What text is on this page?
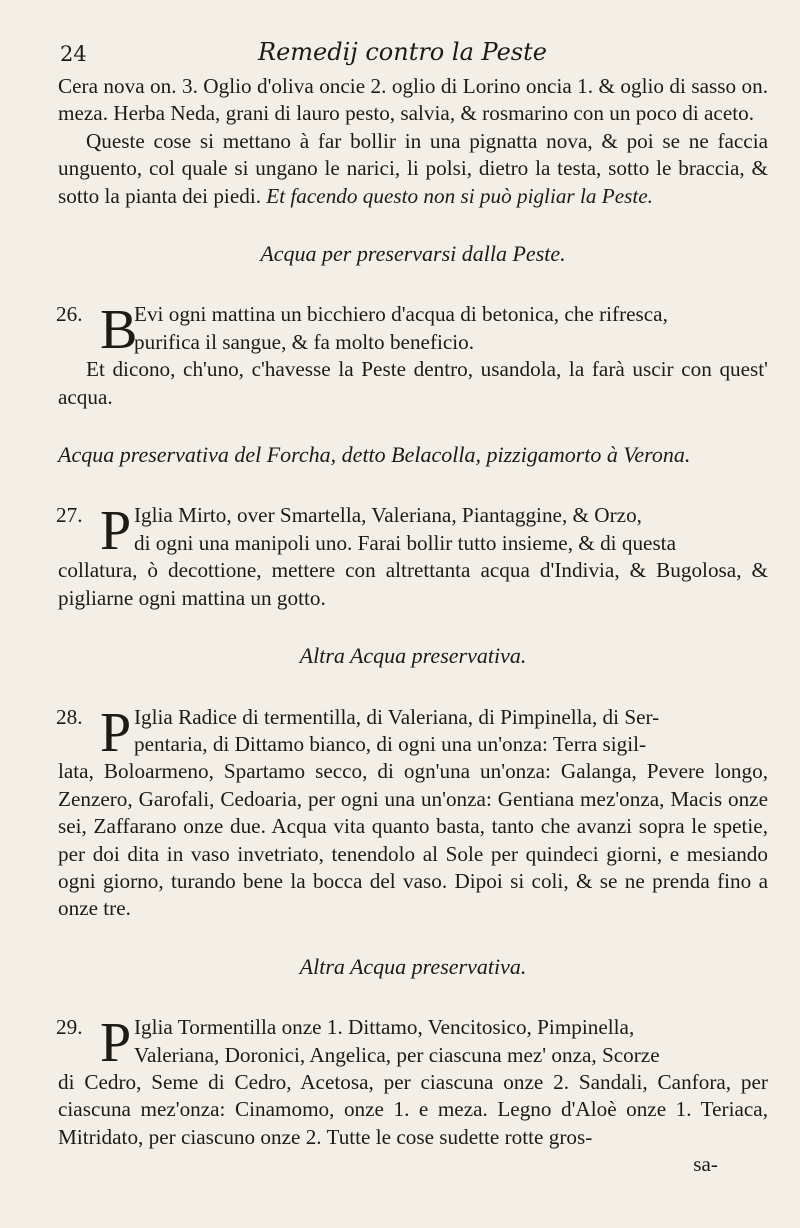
24	Remedij contro la Peste

Cera nova on. 3. Oglio d'oliva oncie 2. oglio di Lorino oncia 1. & oglio di sasso on. meza. Herba Neda, grani di lauro pesto, salvia, & rosmarino con un poco di aceto.

Queste cose si mettano à far bollir in una pignatta nova, & poi se ne faccia unguento, col quale si ungano le narici, li polsi, dietro la testa, sotto le braccia, & sotto la pianta dei piedi. Et facendo questo non si può pigliar la Peste.

Acqua per preservarsi dalla Peste.
26. B
Evi ogni mattina un bicchiero d'acqua di betonica, che rifresca,
purifica il sangue, & fa molto beneficio.
Et dicono, ch'uno, c'havesse la Peste dentro, usandola, la farà uscir con quest' acqua.
Acqua preservativa del Forcha, detto Belacolla, pizzigamorto à Verona.
27. P Iglia Mirto, over Smartella, Valeriana, Piantaggine, & Orzo,
di ogni una manipoli uno. Farai bollir tutto insieme, & di questa
collatura, ò decottione, mettere con altrettanta acqua d'Indivia, & Bugolosa, & pigliarne ogni mattina un gotto.
Altra Acqua preservativa.
28. P Iglia Radice di termentilla, di Valeriana, di Pimpinella, di Ser-
pentaria, di Dittamo bianco, di ogni una un'onza: Terra sigil-
lata, Boloarmeno, Spartamo secco, di ogn'una un'onza: Galanga, Pevere longo, Zenzero, Garofali, Cedoaria, per ogni una un'onza: Gentiana mez'onza, Macis onze sei, Zaffarano onze due. Acqua vita quanto basta, tanto che avanzi sopra le spetie, per doi dita in vaso invetriato, tenendolo al Sole per quindeci giorni, e mesiando ogni giorno, turando bene la bocca del vaso. Dipoi si coli, & se ne prenda fino a onze tre.
Altra Acqua preservativa.
29. P Iglia Tormentilla onze 1. Dittamo, Vencitosico, Pimpinella,
Valeriana, Doronici, Angelica, per ciascuna mez' onza, Scorze
di Cedro, Seme di Cedro, Acetosa, per ciascuna onze 2. Sandali, Canfora, per ciascuna mez'onza: Cinamomo, onze 1. e meza. Legno d'Aloè onze 1. Teriaca, Mitridato, per ciascuno onze 2. Tutte le cose sudette rotte gros-
sa-
